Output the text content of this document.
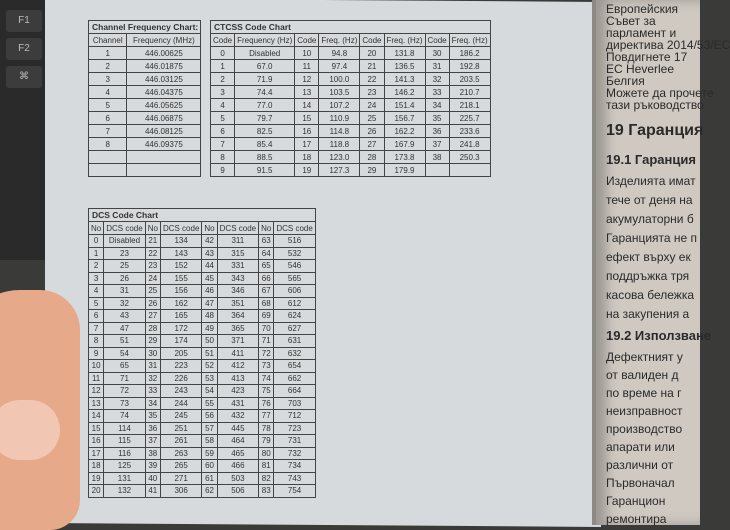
F1
F2
⌘
Channel Frequency Chart:	
Channel	Frequency (MHz)
1	446.00625
2	446.01875
3	446.03125
4	446.04375
5	446.05625
6	446.06875
7	446.08125
8	446.09375

CTCSS Code Chart							
Code	Frequency (Hz)	Code	Freq. (Hz)	Code	Freq. (Hz)	Code	Freq. (Hz)
0	Disabled	10	94.8	20	131.8	30	186.2
1	67.0	11	97.4	21	136.5	31	192.8
2	71.9	12	100.0	22	141.3	32	203.5
3	74.4	13	103.5	23	146.2	33	210.7
4	77.0	14	107.2	24	151.4	34	218.1
5	79.7	15	110.9	25	156.7	35	225.7
6	82.5	16	114.8	26	162.2	36	233.6
7	85.4	17	118.8	27	167.9	37	241.8
8	88.5	18	123.0	28	173.8	38	250.3
9	91.5	19	127.3	29	179.9		
DCS Code Chart							
No	DCS code	No	DCS code	No	DCS code	No	DCS code
0	Disabled	21	134	42	311	63	516
1	23	22	143	43	315	64	532
2	25	23	152	44	331	65	546
3	26	24	155	45	343	66	565
4	31	25	156	46	346	67	606
5	32	26	162	47	351	68	612
6	43	27	165	48	364	69	624
7	47	28	172	49	365	70	627
8	51	29	174	50	371	71	631
9	54	30	205	51	411	72	632
10	65	31	223	52	412	73	654
11	71	32	226	53	413	74	662
12	72	33	243	54	423	75	664
13	73	34	244	55	431	76	703
14	74	35	245	56	432	77	712
15	114	36	251	57	445	78	723
16	115	37	261	58	464	79	731
17	116	38	263	59	465	80	732
18	125	39	265	60	466	81	734
19	131	40	271	61	503	82	743
20	132	41	306	62	506	83	754
Европейския
Съвет за
парламент и
директива 2014/53/ЕС
Повдигнете 17
ЕС Heverlee
Белгия
Можете да прочете
тази ръководство
19 Гаранция
19.1 Гаранция
Изделията имат
тече от деня на
акумулаторни б
Гаранцията не п
ефект върху ек
поддръжка тря
касова бележка
на закупения а
19.2 Използване
Дефектният у
от валиден д
по време на г
неизправност
производство
апарати или
различни от
Първоначал
Гаранцион
ремонтира
